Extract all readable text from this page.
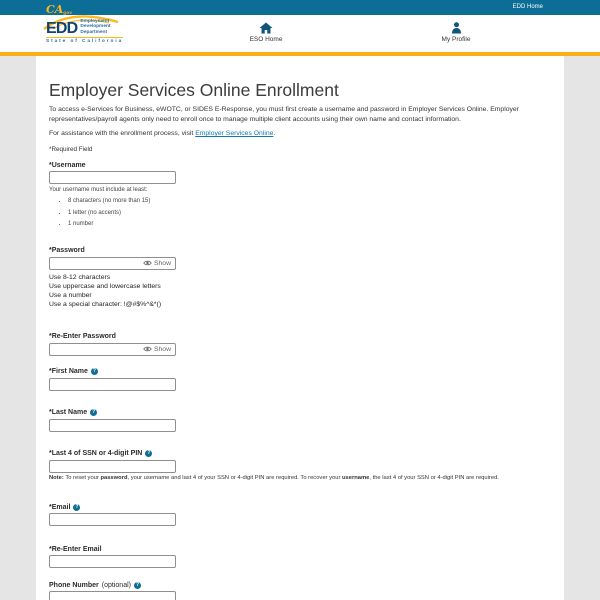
CAgov
EDD Home
EDD Employment
Development
Department
State of California	ESO Home	My Profile
Employer Services Online Enrollment

To access e-Services for Business, eWOTC, or SIDES E-Response, you must first create a username and password in Employer Services Online. Employer representatives/payroll agents only need to enroll once to manage multiple client accounts using their own name and contact information.

For assistance with the enrollment process, visit Employer Services Online.

*Required Field

*Username
Your username must include at least:
• 8 characters (no more than 15)
• 1 letter (no accents)
• 1 number
*Password
Show
Use 8-12 characters
Use uppercase and lowercase letters
Use a number
Use a special character: !@#$%^&*()
*Re-Enter Password
Show
*First Name ?
*Last Name ?
*Last 4 of SSN or 4-digit PIN ?

Note: To reset your password, your username and last 4 of your SSN or 4-digit PIN are required. To recover your username, the last 4 of your SSN or 4-digit PIN are required.

*Email ?
*Re-Enter Email
Phone Number (optional) ?
